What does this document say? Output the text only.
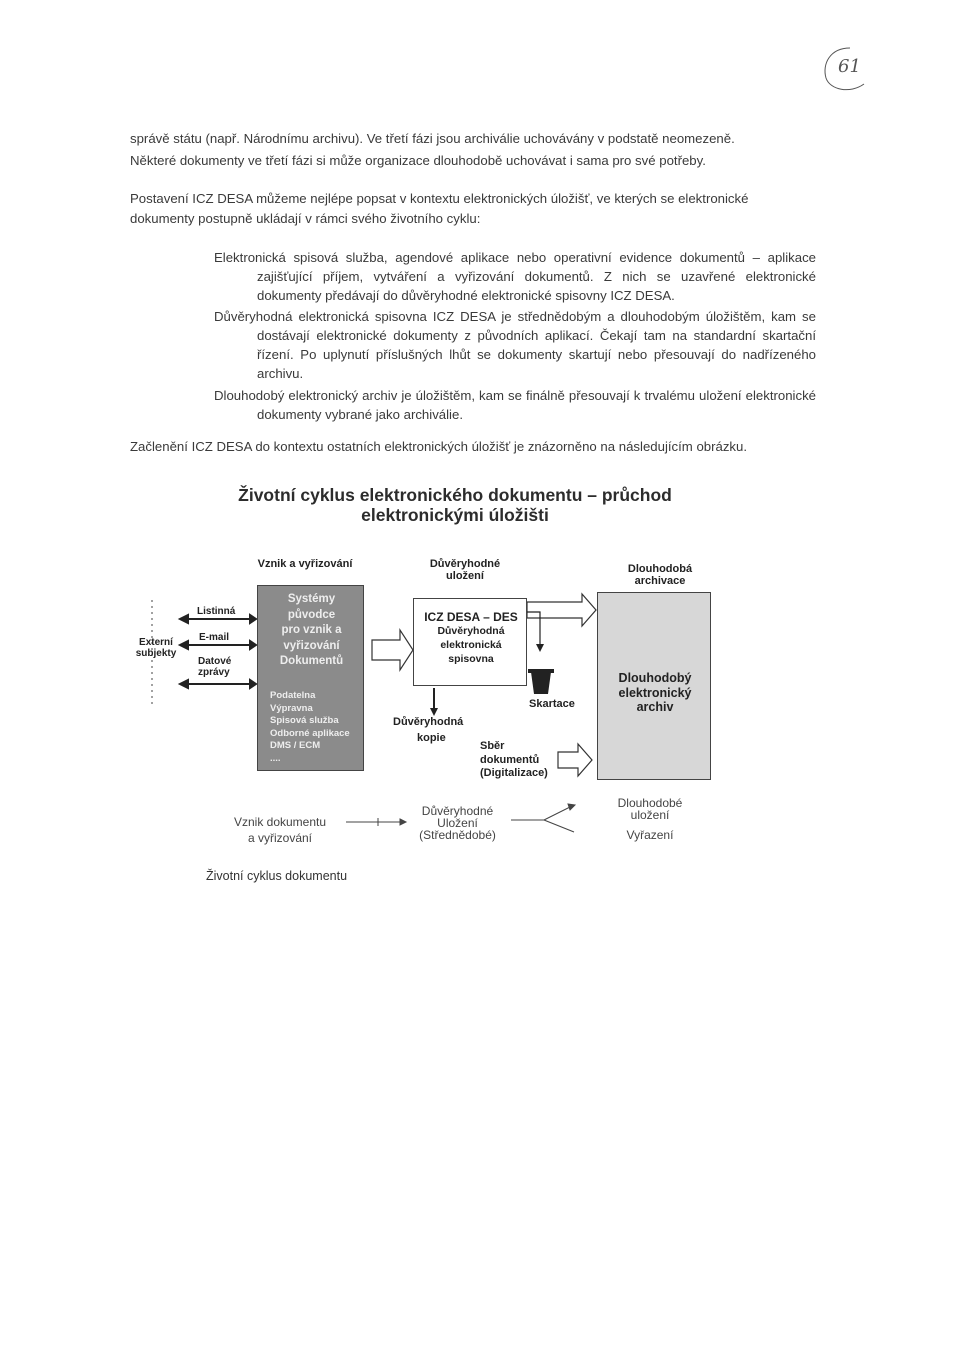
61
správě státu (např. Národnímu archivu). Ve třetí fázi jsou archiválie uchovávány v podstatě neomezeně.
Některé dokumenty ve třetí fázi si může organizace dlouhodobě uchovávat i sama pro své potřeby.
Postavení ICZ DESA můžeme nejlépe popsat v kontextu elektronických úložišť, ve kterých se elektronické
dokumenty postupně ukládají v rámci svého životního cyklu:
Elektronická spisová služba, agendové aplikace nebo operativní evidence dokumentů – aplikace zajišťující příjem, vytváření a vyřizování dokumentů. Z nich se uzavřené elektronické dokumenty předávají do důvěryhodné elektronické spisovny ICZ DESA.
Důvěryhodná elektronická spisovna ICZ DESA je střednědobým a dlouhodobým úložištěm, kam se dostávají elektronické dokumenty z původních aplikací. Čekají tam na standardní skartační řízení. Po uplynutí příslušných lhůt se dokumenty skartují nebo přesouvají do nadřízeného archivu.
Dlouhodobý elektronický archiv je úložištěm, kam se finálně přesouvají k trvalému uložení elektronické dokumenty vybrané jako archiválie.
Začlenění ICZ DESA do kontextu ostatních elektronických úložišť je znázorněno na následujícím obrázku.
Životní cyklus elektronického dokumentu – průchod
elektronickými úložišti
Vznik a vyřizování	Důvěryhodné
uložení
Dlouhodobá
archivace
Externí
subjekty
Listinná
E-mail
Datové
zprávy
Systémy
původce
pro vznik a
vyřizování
Dokumentů
Podatelna
Výpravna
Spisová služba
Odborné aplikace
DMS / ECM
....
ICZ DESA – DES
Důvěryhodná
elektronická
spisovna
Dlouhodobý
elektronický
archiv
Skartace
Důvěryhodná
kopie
Sběr
dokumentů
(Digitalizace)
Vznik dokumentu
a vyřizování
Důvěryhodné
Uložení
(Střednědobé)
Dlouhodobé
uložení
Vyřazení
Životní cyklus dokumentu
